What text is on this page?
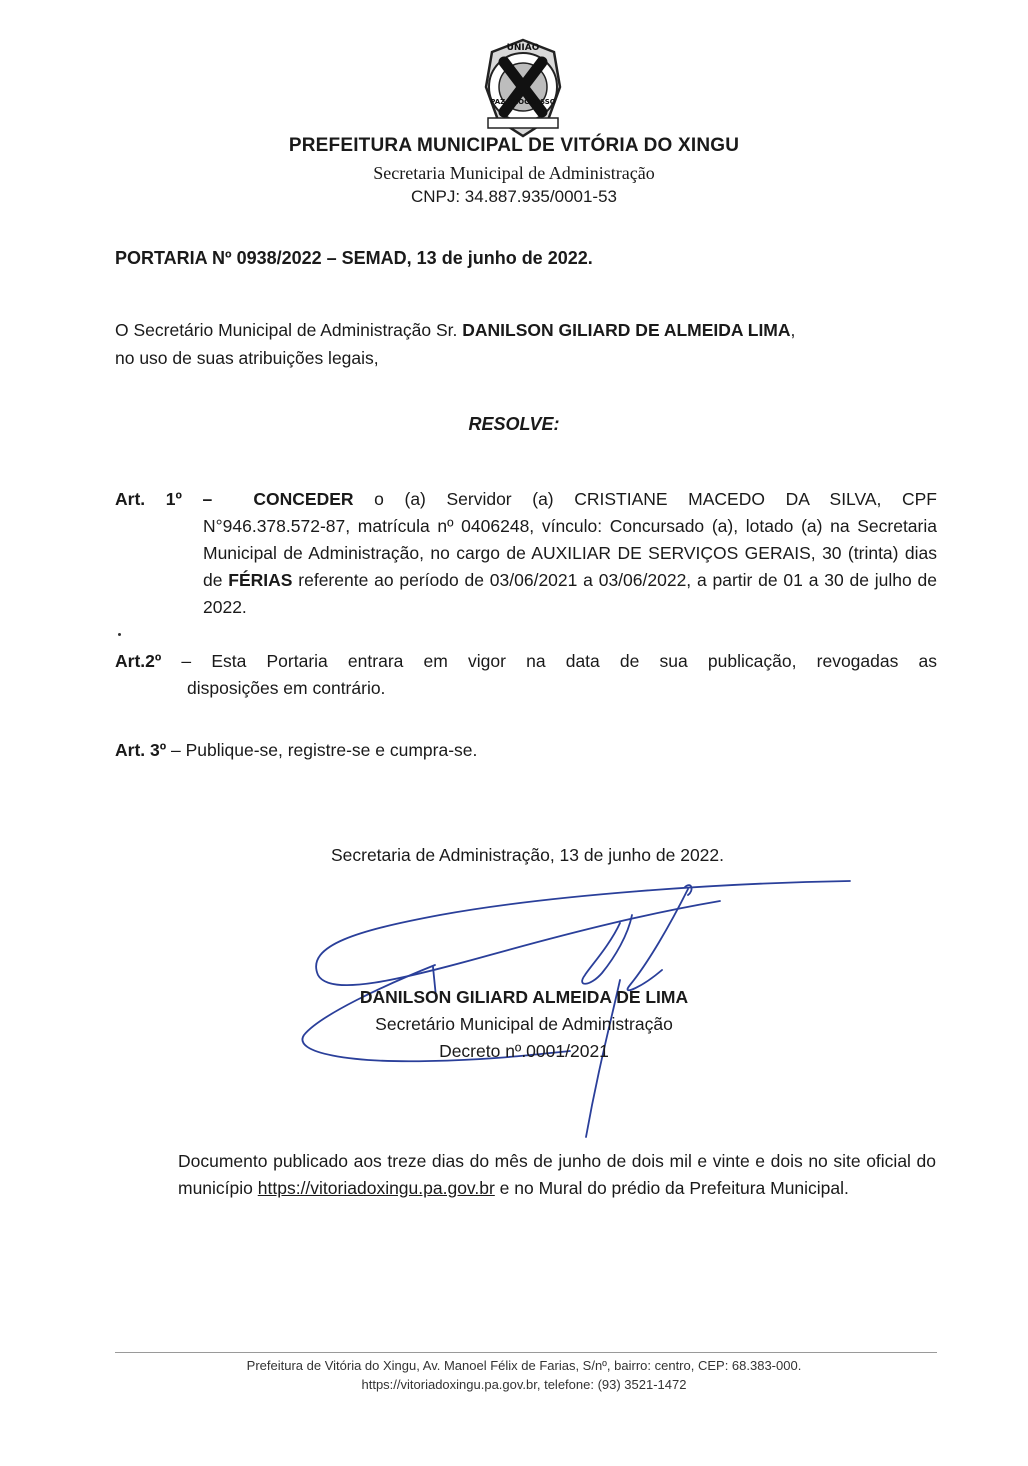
UNIÃO
PAZ PROGRESSO
PREFEITURA MUNICIPAL DE VITÓRIA DO XINGU
Secretaria Municipal de Administração
CNPJ: 34.887.935/0001-53
PORTARIA Nº 0938/2022 – SEMAD, 13 de junho de 2022.
O Secretário Municipal de Administração Sr. DANILSON GILIARD DE ALMEIDA LIMA,
no uso de suas atribuições legais,
RESOLVE:
Art. 1º – CONCEDER o (a) Servidor (a) CRISTIANE MACEDO DA SILVA, CPF
N°946.378.572-87, matrícula nº 0406248, vínculo: Concursado (a), lotado (a) na Secretaria Municipal de Administração, no cargo de AUXILIAR DE SERVIÇOS GERAIS, 30 (trinta) dias de FÉRIAS referente ao período de 03/06/2021 a 03/06/2022, a partir de 01 a 30 de julho de 2022.
Art.2º – Esta Portaria entrara em vigor na data de sua publicação, revogadas as
disposições em contrário.
Art. 3º – Publique-se, registre-se e cumpra-se.
Secretaria de Administração, 13 de junho de 2022.
DANILSON GILIARD ALMEIDA DE LIMA
Secretário Municipal de Administração
Decreto nº.0001/2021
Documento publicado aos treze dias do mês de junho de dois mil e vinte e dois no site oficial do município https://vitoriadoxingu.pa.gov.br e no Mural do prédio da Prefeitura Municipal.
Prefeitura de Vitória do Xingu, Av. Manoel Félix de Farias, S/nº, bairro: centro, CEP: 68.383-000.
https://vitoriadoxingu.pa.gov.br, telefone: (93) 3521-1472
